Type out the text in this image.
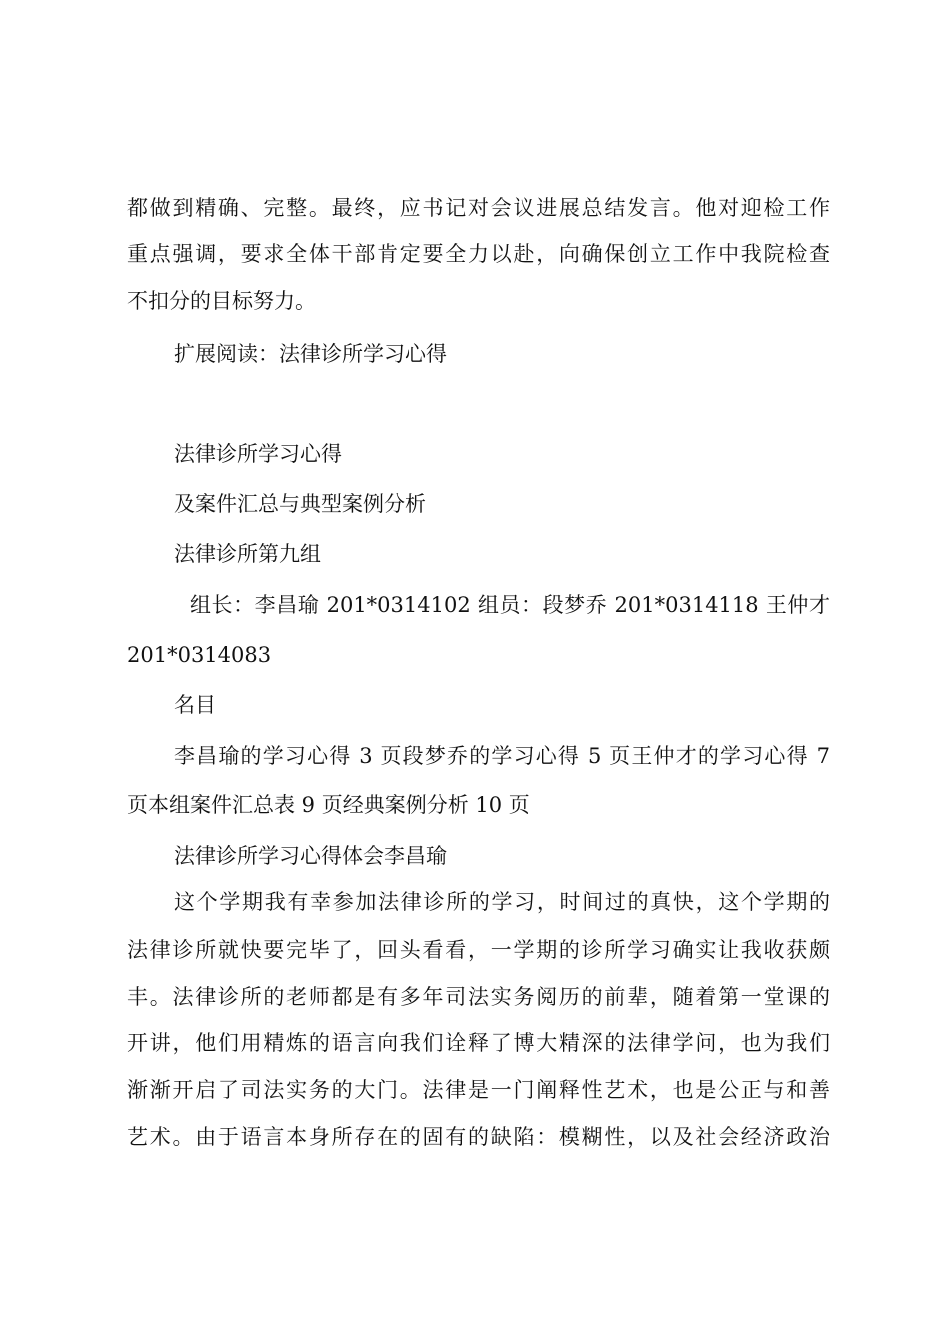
都做到精确、完整。最终，应书记对会议进展总结发言。他对迎检工作
重点强调，要求全体干部肯定要全力以赴，向确保创立工作中我院检查
不扣分的目标努力。
扩展阅读：法律诊所学习心得
法律诊所学习心得
及案件汇总与典型案例分析
法律诊所第九组
组长：李昌瑜 201*0314102 组员：段梦乔 201*0314118 王仲才
201*0314083
名目
李昌瑜的学习心得 3 页段梦乔的学习心得 5 页王仲才的学习心得 7
页本组案件汇总表 9 页经典案例分析 10 页
法律诊所学习心得体会李昌瑜
这个学期我有幸参加法律诊所的学习，时间过的真快，这个学期的
法律诊所就快要完毕了，回头看看，一学期的诊所学习确实让我收获颇
丰。法律诊所的老师都是有多年司法实务阅历的前辈，随着第一堂课的
开讲，他们用精炼的语言向我们诠释了博大精深的法律学问，也为我们
渐渐开启了司法实务的大门。法律是一门阐释性艺术，也是公正与和善
艺术。由于语言本身所存在的固有的缺陷：模糊性，以及社会经济政治
